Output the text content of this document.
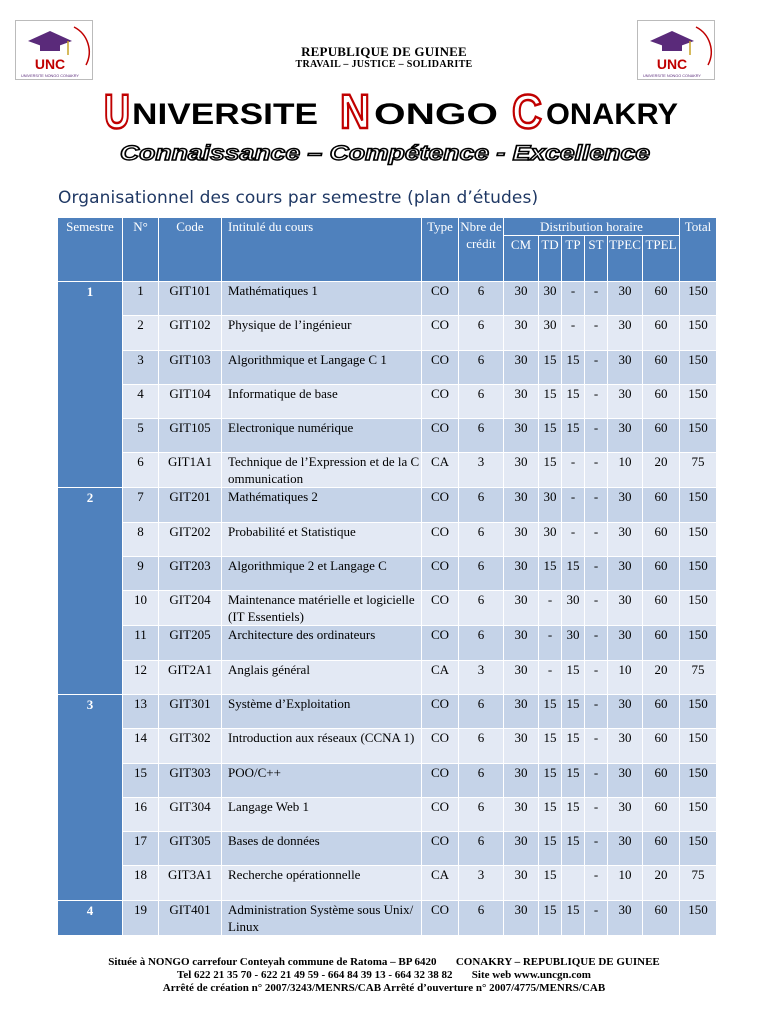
UNC
UNIVERSITE NONGO CONAKRY
UNC
UNIVERSITE NONGO CONAKRY
REPUBLIQUE DE GUINEE
TRAVAIL – JUSTICE – SOLIDARITE
U NIVERSITE N ONGO C ONAKRY
Connaissance – Compétence - Excellence
Organisationnel des cours par semestre (plan d’études)
Semestre	N°	Code	Intitulé du cours	Type	Nbre de crédit	Distribution horaire						Total
						CM	TD	TP	ST	TPEC	TPEL	
1	1	GIT101	Mathématiques 1	CO	6	30	30	-	-	30	60	150
	2	GIT102	Physique de l’ingénieur	CO	6	30	30	-	-	30	60	150
	3	GIT103	Algorithmique et Langage C 1	CO	6	30	15	15	-	30	60	150
	4	GIT104	Informatique de base	CO	6	30	15	15	-	30	60	150
	5	GIT105	Electronique numérique	CO	6	30	15	15	-	30	60	150
	6	GIT1A1	Technique de l’Expression et de la Communication	CA	3	30	15	-	-	10	20	75
2	7	GIT201	Mathématiques 2	CO	6	30	30	-	-	30	60	150
	8	GIT202	Probabilité et Statistique	CO	6	30	30	-	-	30	60	150
	9	GIT203	Algorithmique 2 et Langage C	CO	6	30	15	15	-	30	60	150
	10	GIT204	Maintenance matérielle et logicielle (IT Essentiels)	CO	6	30	-	30	-	30	60	150
	11	GIT205	Architecture des ordinateurs	CO	6	30	-	30	-	30	60	150
	12	GIT2A1	Anglais général	CA	3	30	-	15	-	10	20	75
3	13	GIT301	Système d’Exploitation	CO	6	30	15	15	-	30	60	150
	14	GIT302	Introduction aux réseaux (CCNA 1)	CO	6	30	15	15	-	30	60	150
	15	GIT303	POO/C++	CO	6	30	15	15	-	30	60	150
	16	GIT304	Langage Web 1	CO	6	30	15	15	-	30	60	150
	17	GIT305	Bases de données	CO	6	30	15	15	-	30	60	150
	18	GIT3A1	Recherche opérationnelle	CA	3	30	15		-	10	20	75
4	19	GIT401	Administration Système sous Unix/Linux	CO	6	30	15	15	-	30	60	150
Située à NONGO carrefour Conteyah commune de Ratoma – BP 6420 CONAKRY – REPUBLIQUE DE GUINEE
Tel 622 21 35 70 - 622 21 49 59 - 664 84 39 13 - 664 32 38 82 Site web www.uncgn.com
Arrêté de création n° 2007/3243/MENRS/CAB Arrêté d’ouverture n° 2007/4775/MENRS/CAB
